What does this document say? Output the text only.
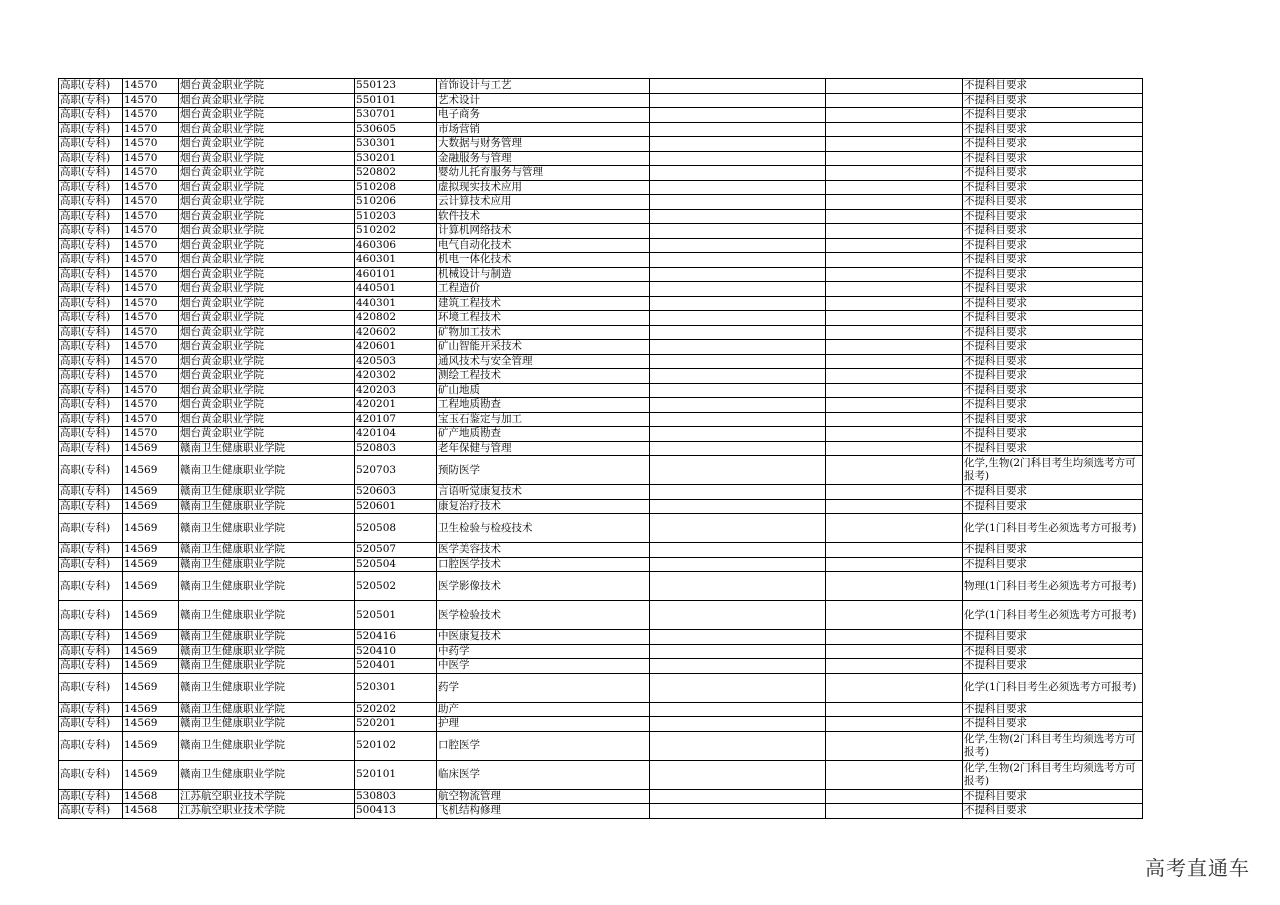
高职(专科)	14570	烟台黄金职业学院	550123	首饰设计与工艺			不提科目要求
高职(专科)	14570	烟台黄金职业学院	550101	艺术设计			不提科目要求
高职(专科)	14570	烟台黄金职业学院	530701	电子商务			不提科目要求
高职(专科)	14570	烟台黄金职业学院	530605	市场营销			不提科目要求
高职(专科)	14570	烟台黄金职业学院	530301	大数据与财务管理			不提科目要求
高职(专科)	14570	烟台黄金职业学院	530201	金融服务与管理			不提科目要求
高职(专科)	14570	烟台黄金职业学院	520802	婴幼儿托育服务与管理			不提科目要求
高职(专科)	14570	烟台黄金职业学院	510208	虚拟现实技术应用			不提科目要求
高职(专科)	14570	烟台黄金职业学院	510206	云计算技术应用			不提科目要求
高职(专科)	14570	烟台黄金职业学院	510203	软件技术			不提科目要求
高职(专科)	14570	烟台黄金职业学院	510202	计算机网络技术			不提科目要求
高职(专科)	14570	烟台黄金职业学院	460306	电气自动化技术			不提科目要求
高职(专科)	14570	烟台黄金职业学院	460301	机电一体化技术			不提科目要求
高职(专科)	14570	烟台黄金职业学院	460101	机械设计与制造			不提科目要求
高职(专科)	14570	烟台黄金职业学院	440501	工程造价			不提科目要求
高职(专科)	14570	烟台黄金职业学院	440301	建筑工程技术			不提科目要求
高职(专科)	14570	烟台黄金职业学院	420802	环境工程技术			不提科目要求
高职(专科)	14570	烟台黄金职业学院	420602	矿物加工技术			不提科目要求
高职(专科)	14570	烟台黄金职业学院	420601	矿山智能开采技术			不提科目要求
高职(专科)	14570	烟台黄金职业学院	420503	通风技术与安全管理			不提科目要求
高职(专科)	14570	烟台黄金职业学院	420302	测绘工程技术			不提科目要求
高职(专科)	14570	烟台黄金职业学院	420203	矿山地质			不提科目要求
高职(专科)	14570	烟台黄金职业学院	420201	工程地质勘查			不提科目要求
高职(专科)	14570	烟台黄金职业学院	420107	宝玉石鉴定与加工			不提科目要求
高职(专科)	14570	烟台黄金职业学院	420104	矿产地质勘查			不提科目要求
高职(专科)	14569	赣南卫生健康职业学院	520803	老年保健与管理			不提科目要求
高职(专科)	14569	赣南卫生健康职业学院	520703	预防医学			化学,生物(2门科目考生均须选考方可报考)
高职(专科)	14569	赣南卫生健康职业学院	520603	言语听觉康复技术			不提科目要求
高职(专科)	14569	赣南卫生健康职业学院	520601	康复治疗技术			不提科目要求
高职(专科)	14569	赣南卫生健康职业学院	520508	卫生检验与检疫技术			化学(1门科目考生必须选考方可报考)
高职(专科)	14569	赣南卫生健康职业学院	520507	医学美容技术			不提科目要求
高职(专科)	14569	赣南卫生健康职业学院	520504	口腔医学技术			不提科目要求
高职(专科)	14569	赣南卫生健康职业学院	520502	医学影像技术			物理(1门科目考生必须选考方可报考)
高职(专科)	14569	赣南卫生健康职业学院	520501	医学检验技术			化学(1门科目考生必须选考方可报考)
高职(专科)	14569	赣南卫生健康职业学院	520416	中医康复技术			不提科目要求
高职(专科)	14569	赣南卫生健康职业学院	520410	中药学			不提科目要求
高职(专科)	14569	赣南卫生健康职业学院	520401	中医学			不提科目要求
高职(专科)	14569	赣南卫生健康职业学院	520301	药学			化学(1门科目考生必须选考方可报考)
高职(专科)	14569	赣南卫生健康职业学院	520202	助产			不提科目要求
高职(专科)	14569	赣南卫生健康职业学院	520201	护理			不提科目要求
高职(专科)	14569	赣南卫生健康职业学院	520102	口腔医学			化学,生物(2门科目考生均须选考方可报考)
高职(专科)	14569	赣南卫生健康职业学院	520101	临床医学			化学,生物(2门科目考生均须选考方可报考)
高职(专科)	14568	江苏航空职业技术学院	530803	航空物流管理			不提科目要求
高职(专科)	14568	江苏航空职业技术学院	500413	飞机结构修理			不提科目要求
高考直通车
